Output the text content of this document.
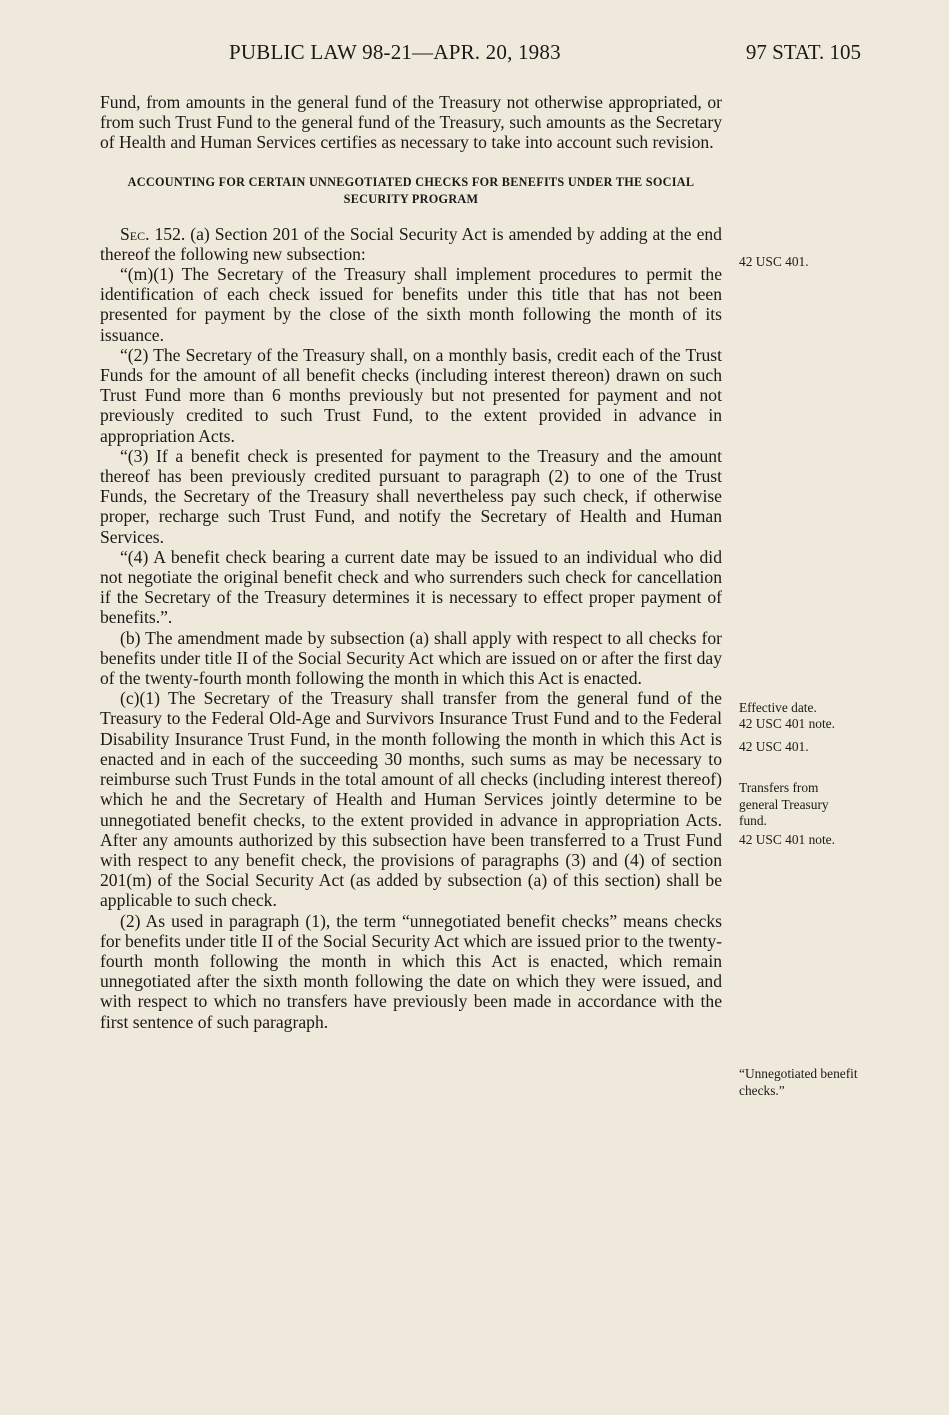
PUBLIC LAW 98-21—APR. 20, 1983	97 STAT. 105

Fund, from amounts in the general fund of the Treasury not otherwise appropriated, or from such Trust Fund to the general fund of the Treasury, such amounts as the Secretary of Health and Human Services certifies as necessary to take into account such revision.

ACCOUNTING FOR CERTAIN UNNEGOTIATED CHECKS FOR BENEFITS UNDER THE SOCIAL SECURITY PROGRAM

Sec. 152. (a) Section 201 of the Social Security Act is amended by adding at the end thereof the following new subsection:

“(m)(1) The Secretary of the Treasury shall implement procedures to permit the identification of each check issued for benefits under this title that has not been presented for payment by the close of the sixth month following the month of its issuance.

“(2) The Secretary of the Treasury shall, on a monthly basis, credit each of the Trust Funds for the amount of all benefit checks (including interest thereon) drawn on such Trust Fund more than 6 months previously but not presented for payment and not previously credited to such Trust Fund, to the extent provided in advance in appropriation Acts.

“(3) If a benefit check is presented for payment to the Treasury and the amount thereof has been previously credited pursuant to paragraph (2) to one of the Trust Funds, the Secretary of the Treasury shall nevertheless pay such check, if otherwise proper, recharge such Trust Fund, and notify the Secretary of Health and Human Services.

“(4) A benefit check bearing a current date may be issued to an individual who did not negotiate the original benefit check and who surrenders such check for cancellation if the Secretary of the Treasury determines it is necessary to effect proper payment of benefits.”.

(b) The amendment made by subsection (a) shall apply with respect to all checks for benefits under title II of the Social Security Act which are issued on or after the first day of the twenty-fourth month following the month in which this Act is enacted.

(c)(1) The Secretary of the Treasury shall transfer from the general fund of the Treasury to the Federal Old-Age and Survivors Insurance Trust Fund and to the Federal Disability Insurance Trust Fund, in the month following the month in which this Act is enacted and in each of the succeeding 30 months, such sums as may be necessary to reimburse such Trust Funds in the total amount of all checks (including interest thereof) which he and the Secretary of Health and Human Services jointly determine to be unnegotiated benefit checks, to the extent provided in advance in appropriation Acts. After any amounts authorized by this subsection have been transferred to a Trust Fund with respect to any benefit check, the provisions of paragraphs (3) and (4) of section 201(m) of the Social Security Act (as added by subsection (a) of this section) shall be applicable to such check.

(2) As used in paragraph (1), the term “unnegotiated benefit checks” means checks for benefits under title II of the Social Security Act which are issued prior to the twenty-fourth month following the month in which this Act is enacted, which remain unnegotiated after the sixth month following the date on which they were issued, and with respect to which no transfers have previously been made in accordance with the first sentence of such paragraph.

42 USC 401.
Effective date.
42 USC 401 note.
42 USC 401.
Transfers from general Treasury fund.
42 USC 401 note.
“Unnegotiated benefit checks.”
